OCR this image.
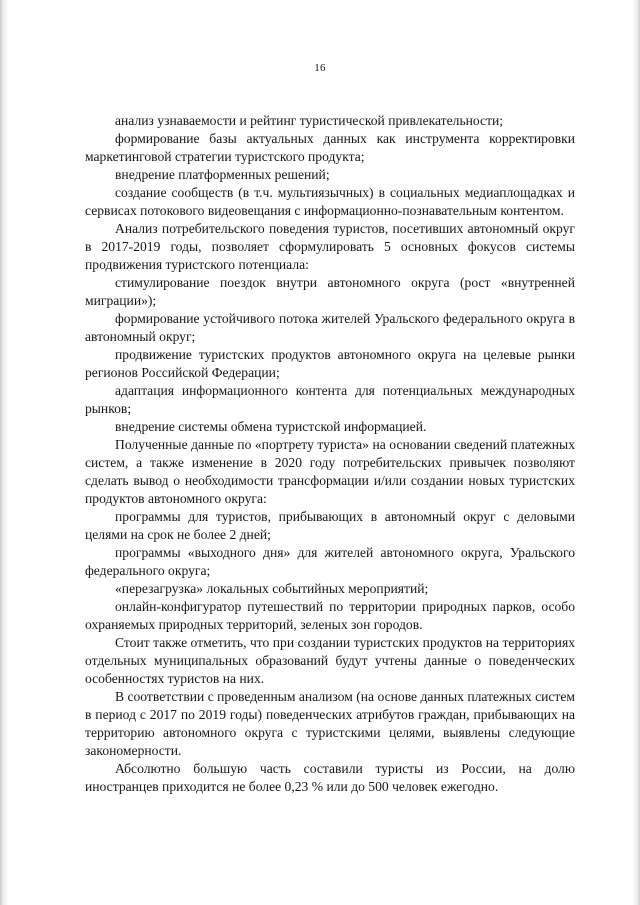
16

анализ узнаваемости и рейтинг туристической привлекательности;

формирование базы актуальных данных как инструмента корректировки маркетинговой стратегии туристского продукта;

внедрение платформенных решений;

создание сообществ (в т.ч. мультиязычных) в социальных медиаплощадках и сервисах потокового видеовещания с информационно-познавательным контентом.

Анализ потребительского поведения туристов, посетивших автономный округ в 2017-2019 годы, позволяет сформулировать 5 основных фокусов системы продвижения туристского потенциала:

стимулирование поездок внутри автономного округа (рост «внутренней миграции»);

формирование устойчивого потока жителей Уральского федерального округа в автономный округ;

продвижение туристских продуктов автономного округа на целевые рынки регионов Российской Федерации;

адаптация информационного контента для потенциальных международных рынков;

внедрение системы обмена туристской информацией.

Полученные данные по «портрету туриста» на основании сведений платежных систем, а также изменение в 2020 году потребительских привычек позволяют сделать вывод о необходимости трансформации и/или создании новых туристских продуктов автономного округа:

программы для туристов, прибывающих в автономный округ с деловыми целями на срок не более 2 дней;

программы «выходного дня» для жителей автономного округа, Уральского федерального округа;

«перезагрузка» локальных событийных мероприятий;

онлайн-конфигуратор путешествий по территории природных парков, особо охраняемых природных территорий, зеленых зон городов.

Стоит также отметить, что при создании туристских продуктов на территориях отдельных муниципальных образований будут учтены данные о поведенческих особенностях туристов на них.

В соответствии с проведенным анализом (на основе данных платежных систем в период с 2017 по 2019 годы) поведенческих атрибутов граждан, прибывающих на территорию автономного округа с туристскими целями, выявлены следующие закономерности.

Абсолютно большую часть составили туристы из России, на долю иностранцев приходится не более 0,23 % или до 500 человек ежегодно.
